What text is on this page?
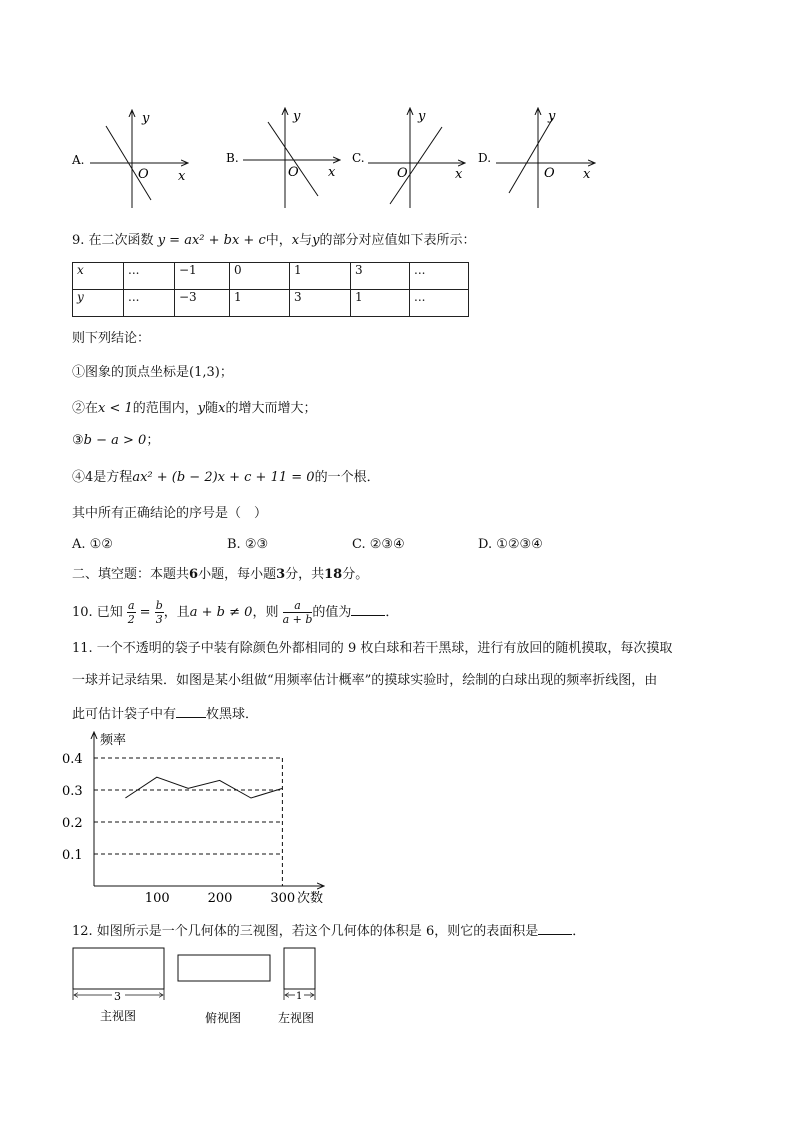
A.
y
x
O
B.
y
x
O
C.
y
x
O
D.
y
x
O
9. 在二次函数 y = ax² + bx + c中，x与y的部分对应值如下表所示：
x	...	−1	0	1	3	...
y	...	−3	1	3	1	...
则下列结论：
①图象的顶点坐标是(1,3)；
②在x < 1的范围内，y随x的增大而增大；
③b − a > 0；
④4是方程ax² + (b − 2)x + c + 11 = 0的一个根．
其中所有正确结论的序号是（　）
A. ①②	B. ②③	C. ②③④	D. ①②③④
二、填空题：本题共6小题，每小题3分，共18分。
10. 已知 $\frac{a}{2} = \frac{b}{3}$ ，且a + b ≠ 0，则 $\frac{a}{a + b}$ 的值为	．
11. 一个不透明的袋子中装有除颜色外都相同的 9 枚白球和若干黑球，进行有放回的随机摸取，每次摸取
一球并记录结果．如图是某小组做“用频率估计概率”的摸球实验时，绘制的白球出现的频率折线图，由
此可估计袋子中有 枚黑球．
0.4
0.3
0.2
0.1
100	200	300
频率
次数
12. 如图所示是一个几何体的三视图，若这个几何体的体积是 6，则它的表面积是	．
3
主视图	俯视图
1
左视图
